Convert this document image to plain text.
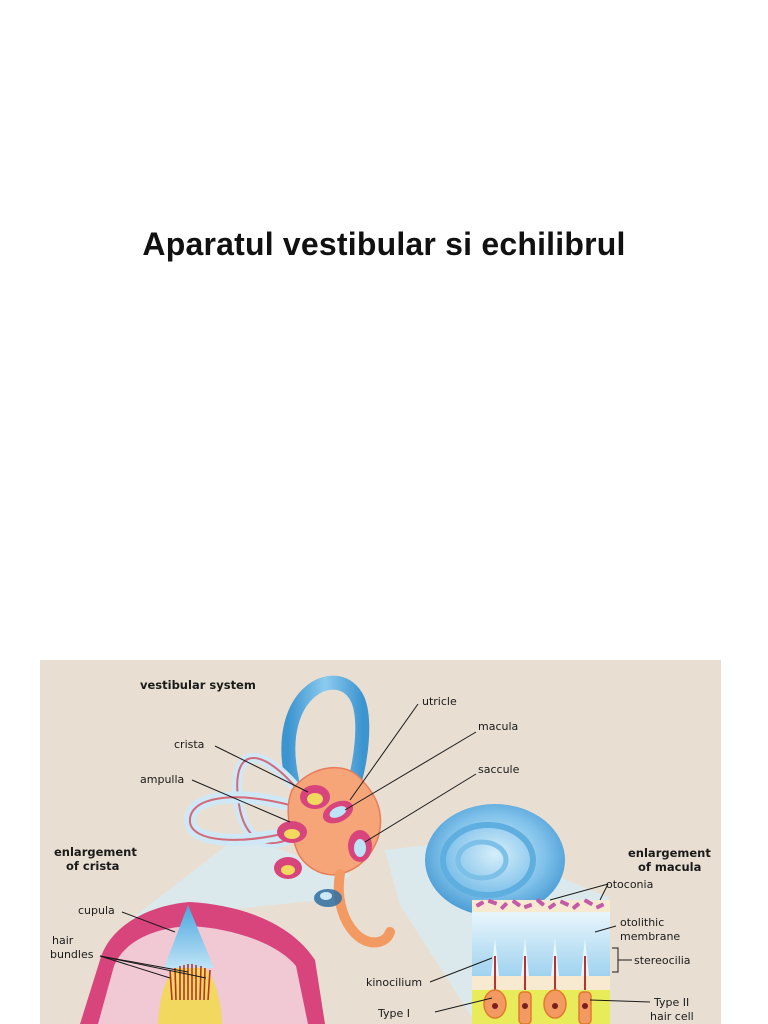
Aparatul vestibular si echilibrul
vestibular system
crista
ampulla
utricle
macula
saccule
enlargement
of crista
enlargement
of macula
otoconia
otolithic
membrane
stereocilia
cupula
hair
bundles
kinocilium
Type I
Type II
hair cell
